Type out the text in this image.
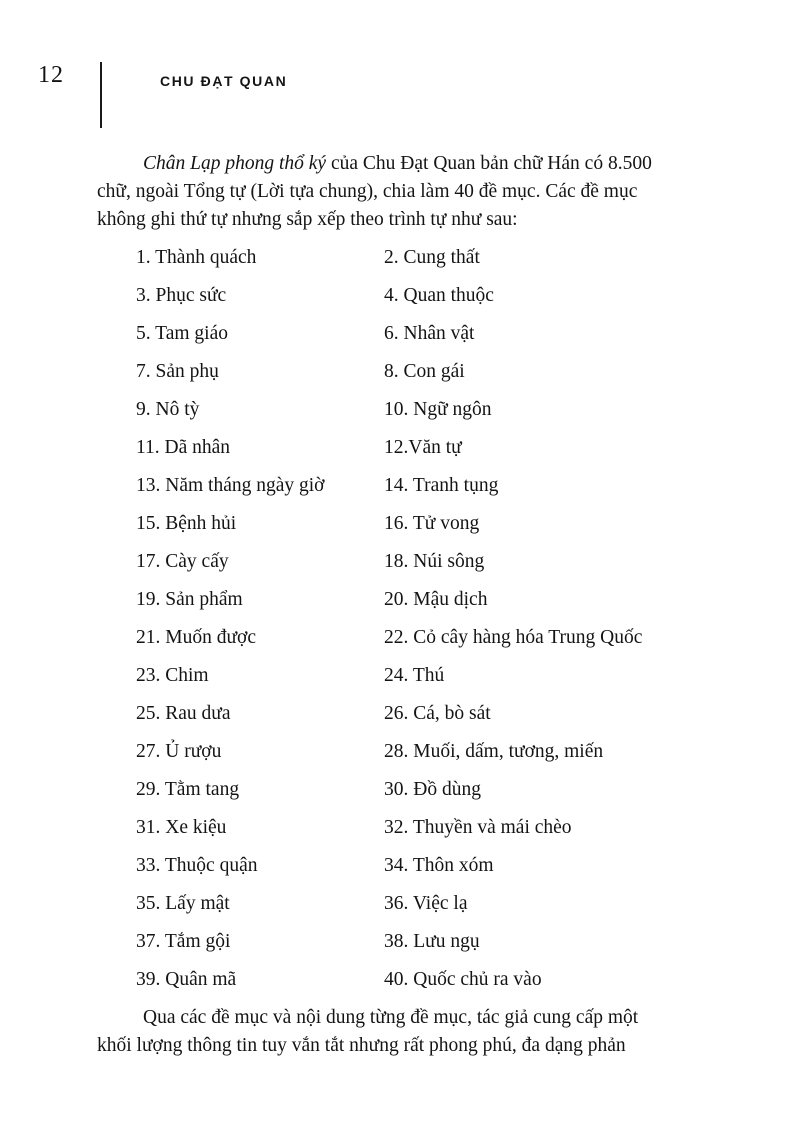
12	CHU ĐẠT QUAN

Chân Lạp phong thổ ký của Chu Đạt Quan bản chữ Hán có 8.500
chữ, ngoài Tổng tự (Lời tựa chung), chia làm 40 đề mục. Các đề mục
không ghi thứ tự nhưng sắp xếp theo trình tự như sau:

1. Thành quách	2. Cung thất
3. Phục sức	4. Quan thuộc
5. Tam giáo	6. Nhân vật
7. Sản phụ	8. Con gái
9. Nô tỳ	10. Ngữ ngôn
11. Dã nhân	12.Văn tự
13. Năm tháng ngày giờ	14. Tranh tụng
15. Bệnh hủi	16. Tử vong
17. Cày cấy	18. Núi sông
19. Sản phẩm	20. Mậu dịch
21. Muốn được	22. Cỏ cây hàng hóa Trung Quốc
23. Chim	24. Thú
25. Rau dưa	26. Cá, bò sát
27. Ủ rượu	28. Muối, dấm, tương, miến
29. Tằm tang	30. Đồ dùng
31. Xe kiệu	32. Thuyền và mái chèo
33. Thuộc quận	34. Thôn xóm
35. Lấy mật	36. Việc lạ
37. Tắm gội	38. Lưu ngụ
39. Quân mã	40. Quốc chủ ra vào

Qua các đề mục và nội dung từng đề mục, tác giả cung cấp một
khối lượng thông tin tuy vắn tắt nhưng rất phong phú, đa dạng phản
